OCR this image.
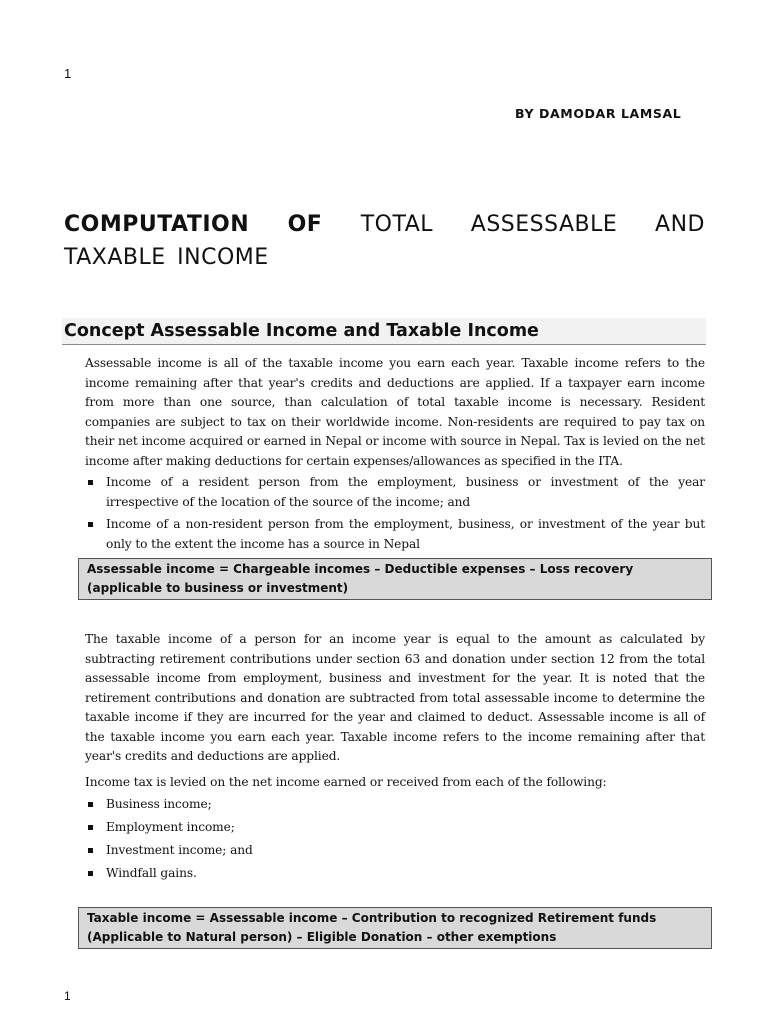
1
BY DAMODAR LAMSAL
COMPUTATION OF TOTAL ASSESSABLE AND TAXABLE INCOME
Concept Assessable Income and Taxable Income
Assessable income is all of the taxable income you earn each year. Taxable income refers to the income remaining after that year's credits and deductions are applied. If a taxpayer earn income from more than one source, than calculation of total taxable income is necessary. Resident companies are subject to tax on their worldwide income. Non-residents are required to pay tax on their net income acquired or earned in Nepal or income with source in Nepal. Tax is levied on the net income after making deductions for certain expenses/allowances as specified in the ITA.
Income of a resident person from the employment, business or investment of the year irrespective of the location of the source of the income; and
Income of a non-resident person from the employment, business, or investment of the year but only to the extent the income has a source in Nepal
Assessable income = Chargeable incomes – Deductible expenses – Loss recovery (applicable to business or investment)
The taxable income of a person for an income year is equal to the amount as calculated by subtracting retirement contributions under section 63 and donation under section 12 from the total assessable income from employment, business and investment for the year. It is noted that the retirement contributions and donation are subtracted from total assessable income to determine the taxable income if they are incurred for the year and claimed to deduct. Assessable income is all of the taxable income you earn each year. Taxable income refers to the income remaining after that year's credits and deductions are applied.
Income tax is levied on the net income earned or received from each of the following:
Business income;
Employment income;
Investment income; and
Windfall gains.
Taxable income = Assessable income – Contribution to recognized Retirement funds (Applicable to Natural person) – Eligible Donation – other exemptions
1
